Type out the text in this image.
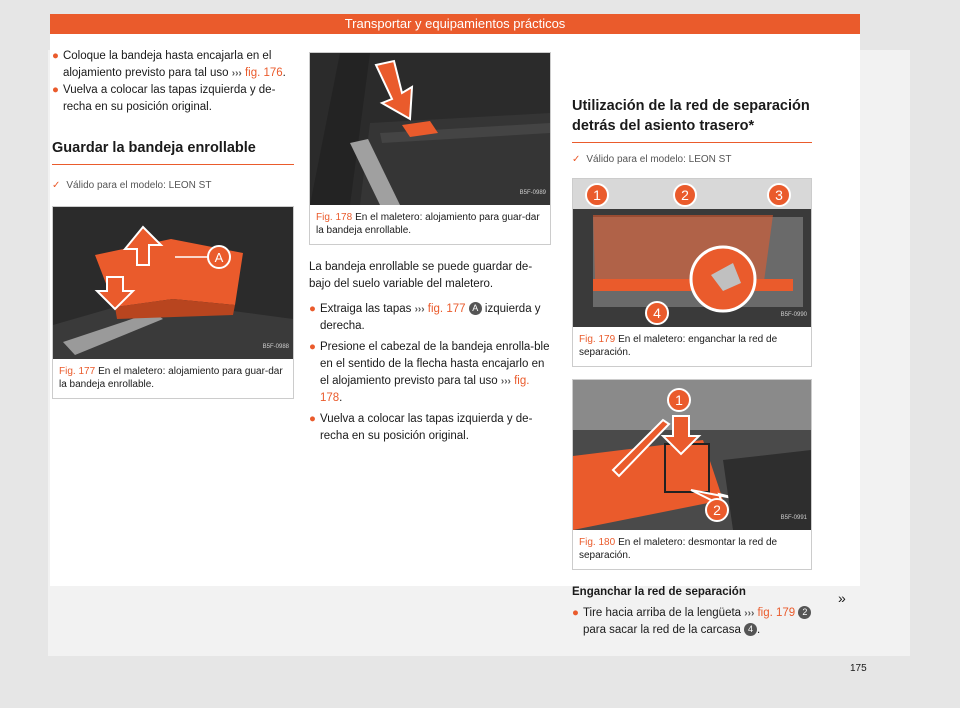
Transportar y equipamientos prácticos

● Coloque la bandeja hasta encajarla en el alojamiento previsto para tal uso ››› fig. 176.

● Vuelva a colocar las tapas izquierda y de-recha en su posición original.

Guardar la bandeja enrollable
✓ Válido para el modelo: LEON ST
A
B5F-0988
Fig. 177 En el maletero: alojamiento para guar-dar la bandeja enrollable.
B5F-0989
Fig. 178 En el maletero: alojamiento para guar-dar la bandeja enrollable.

La bandeja enrollable se puede guardar de-bajo del suelo variable del maletero.

● Extraiga las tapas ››› fig. 177 A izquierda y derecha.

● Presione el cabezal de la bandeja enrolla-ble en el sentido de la flecha hasta encajarlo en el alojamiento previsto para tal uso ››› fig. 178.

● Vuelva a colocar las tapas izquierda y de-recha en su posición original.

Utilización de la red de separación detrás del asiento trasero*
✓ Válido para el modelo: LEON ST
1	2	3
4	B5F-0990
Fig. 179 En el maletero: enganchar la red de separación.
1
2	B5F-0991
Fig. 180 En el maletero: desmontar la red de separación.

Enganchar la red de separación

● Tire hacia arriba de la lengüeta ››› fig. 179 2 para sacar la red de la carcasa 4 .

»
175
